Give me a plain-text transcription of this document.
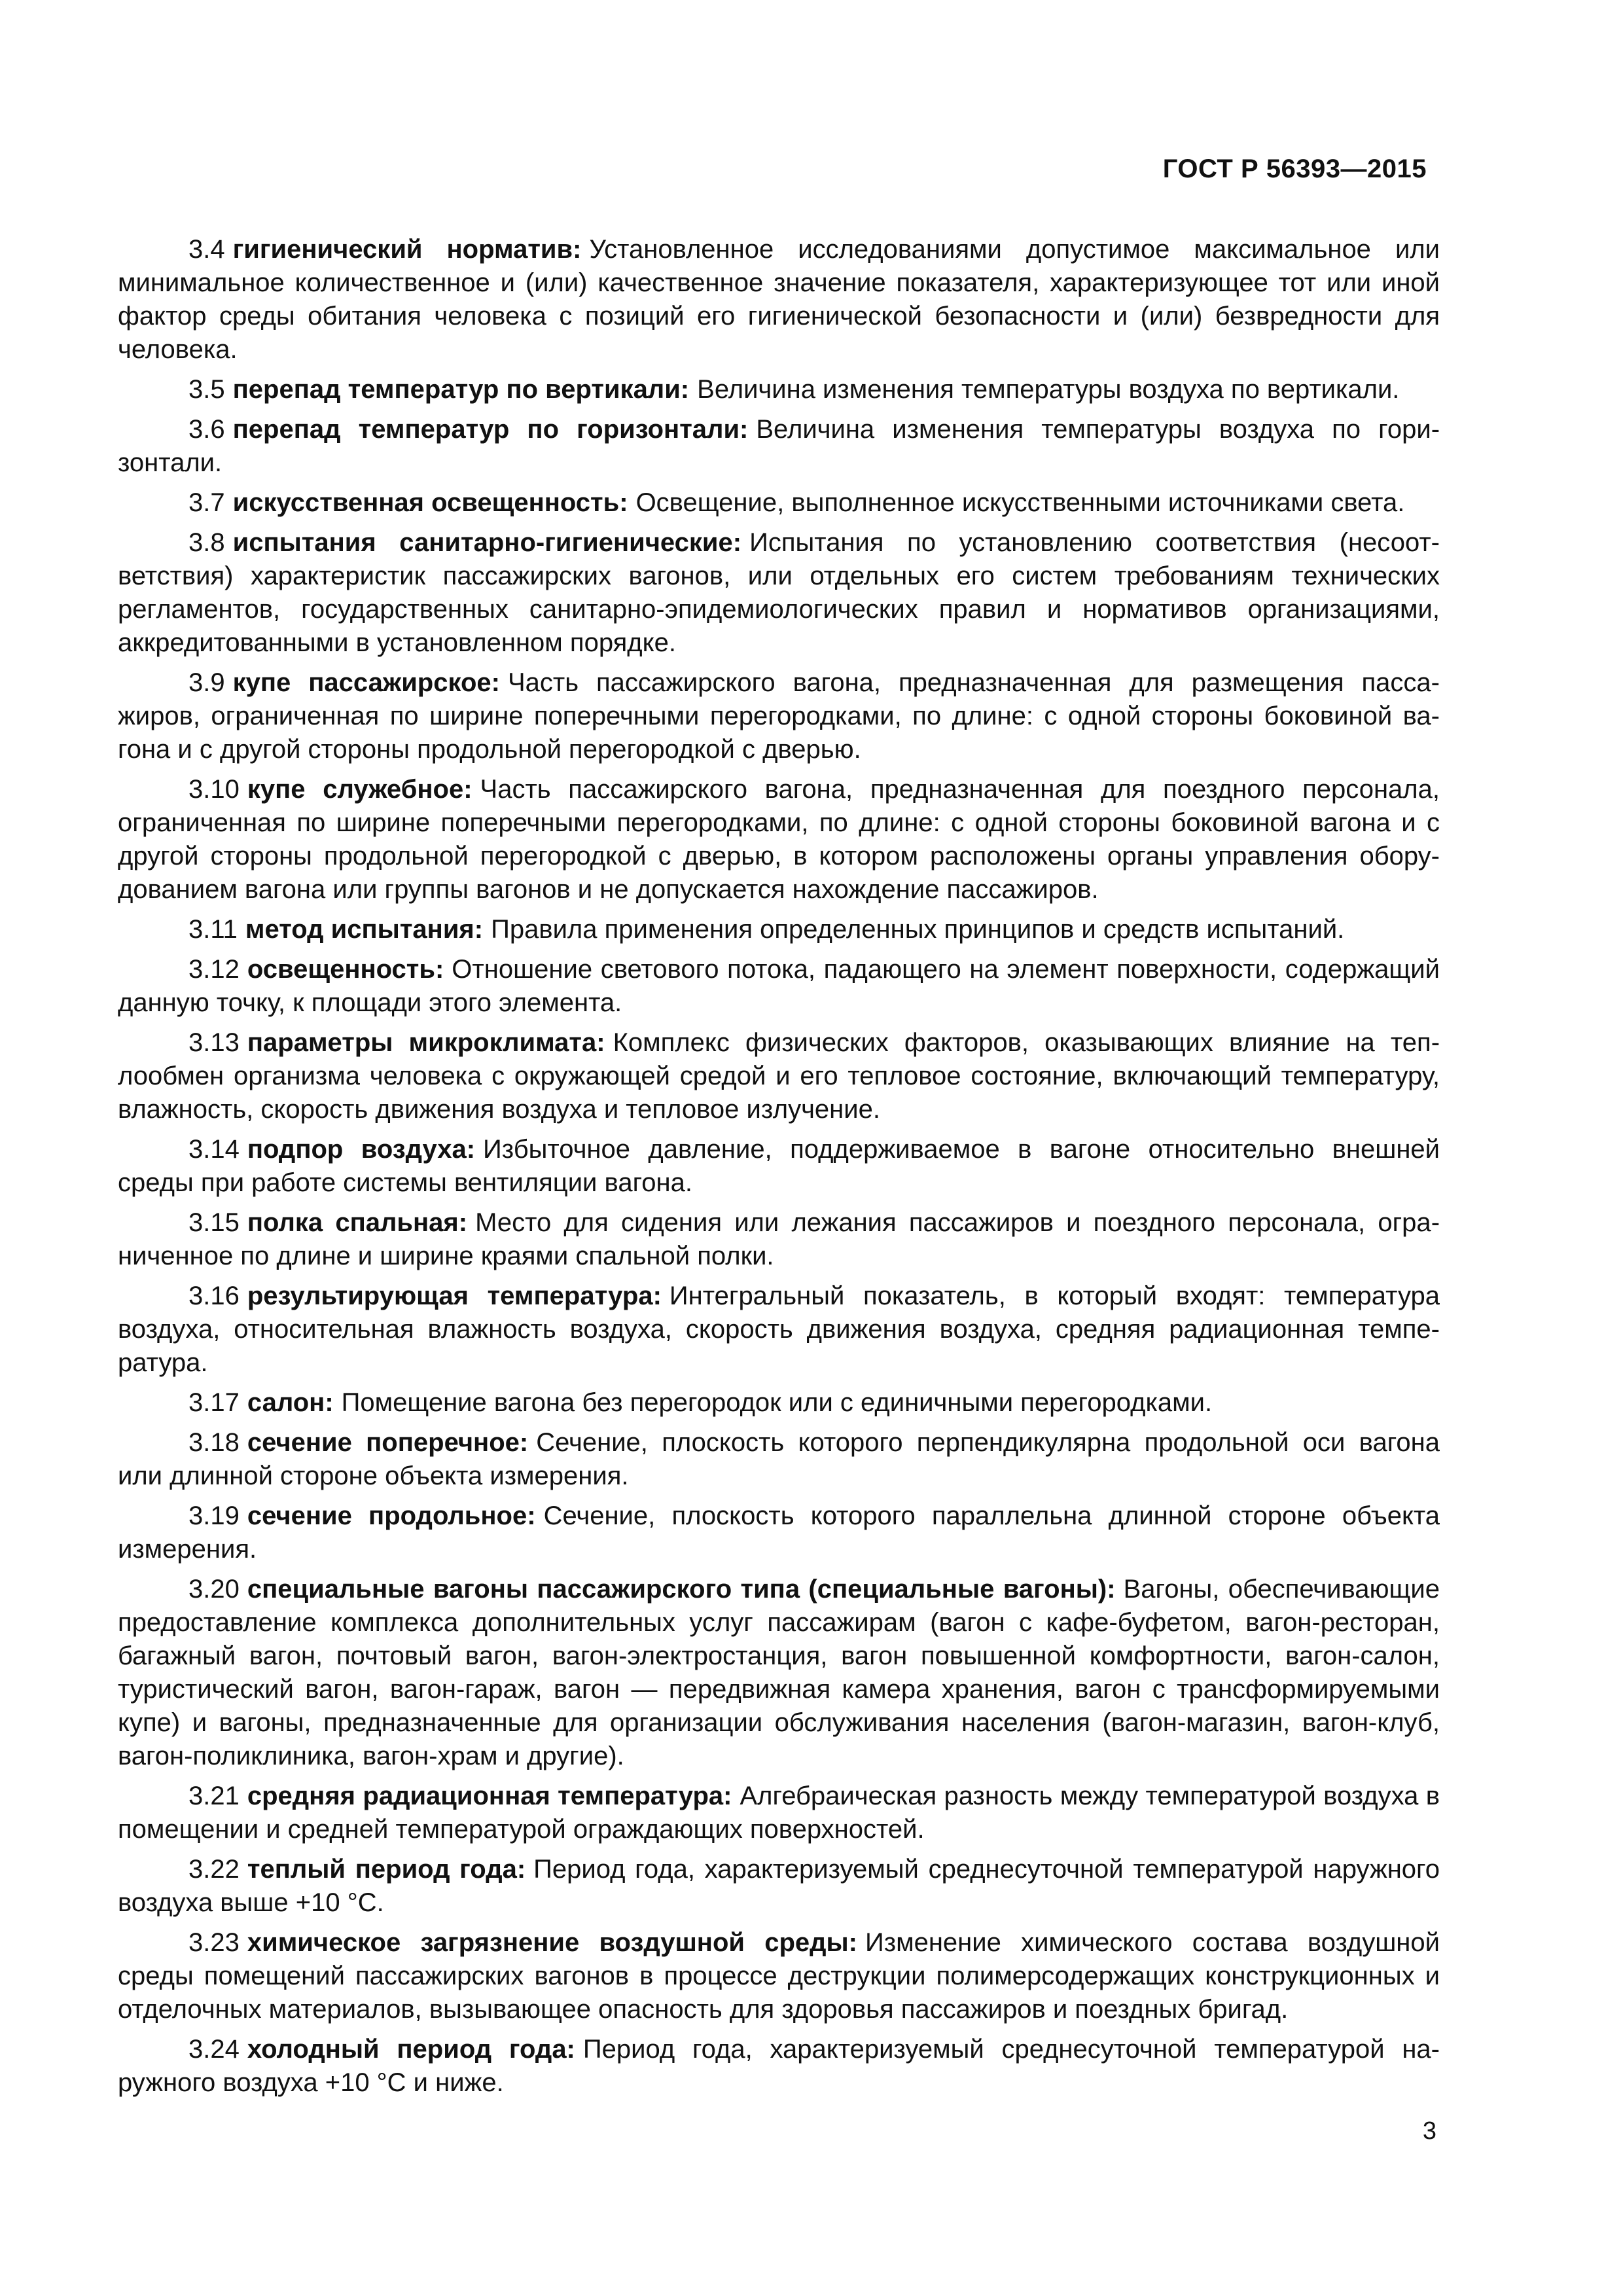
ГОСТ Р 56393—2015

3.4 гигиенический норматив: Установленное исследованиями допустимое максимальное или минимальное количественное и (или) качественное значение показателя, характеризующее тот или иной фактор среды обитания человека с позиций его гигиенической безопасности и (или) безвредности для человека.

3.5 перепад температур по вертикали: Величина изменения температуры воздуха по вертикали.

3.6 перепад температур по горизонтали: Величина изменения температуры воздуха по горизонтали.

3.7 искусственная освещенность: Освещение, выполненное искусственными источниками света.

3.8 испытания санитарно-гигиенические: Испытания по установлению соответствия (несоответствия) характеристик пассажирских вагонов, или отдельных его систем требованиям технических регламентов, государственных санитарно-эпидемиологических правил и нормативов организациями, аккредитованными в установленном порядке.

3.9 купе пассажирское: Часть пассажирского вагона, предназначенная для размещения пассажиров, ограниченная по ширине поперечными перегородками, по длине: с одной стороны боковиной вагона и с другой стороны продольной перегородкой с дверью.

3.10 купе служебное: Часть пассажирского вагона, предназначенная для поездного персонала, ограниченная по ширине поперечными перегородками, по длине: с одной стороны боковиной вагона и с другой стороны продольной перегородкой с дверью, в котором расположены органы управления оборудованием вагона или группы вагонов и не допускается нахождение пассажиров.

3.11 метод испытания: Правила применения определенных принципов и средств испытаний.

3.12 освещенность: Отношение светового потока, падающего на элемент поверхности, содержащий данную точку, к площади этого элемента.

3.13 параметры микроклимата: Комплекс физических факторов, оказывающих влияние на теплообмен организма человека с окружающей средой и его тепловое состояние, включающий температуру, влажность, скорость движения воздуха и тепловое излучение.

3.14 подпор воздуха: Избыточное давление, поддерживаемое в вагоне относительно внешней среды при работе системы вентиляции вагона.

3.15 полка спальная: Место для сидения или лежания пассажиров и поездного персонала, ограниченное по длине и ширине краями спальной полки.

3.16 результирующая температура: Интегральный показатель, в который входят: температура воздуха, относительная влажность воздуха, скорость движения воздуха, средняя радиационная температура.

3.17 салон: Помещение вагона без перегородок или с единичными перегородками.

3.18 сечение поперечное: Сечение, плоскость которого перпендикулярна продольной оси вагона или длинной стороне объекта измерения.

3.19 сечение продольное: Сечение, плоскость которого параллельна длинной стороне объекта измерения.

3.20 специальные вагоны пассажирского типа (специальные вагоны): Вагоны, обеспечивающие предоставление комплекса дополнительных услуг пассажирам (вагон с кафе-буфетом, вагон-ресторан, багажный вагон, почтовый вагон, вагон-электростанция, вагон повышенной комфортности, вагон-салон, туристический вагон, вагон-гараж, вагон — передвижная камера хранения, вагон с трансформируемыми купе) и вагоны, предназначенные для организации обслуживания населения (вагон-магазин, вагон-клуб, вагон-поликлиника, вагон-храм и другие).

3.21 средняя радиационная температура: Алгебраическая разность между температурой воздуха в помещении и средней температурой ограждающих поверхностей.

3.22 теплый период года: Период года, характеризуемый среднесуточной температурой наружного воздуха выше +10 °С.

3.23 химическое загрязнение воздушной среды: Изменение химического состава воздушной среды помещений пассажирских вагонов в процессе деструкции полимерсодержащих конструкционных и отделочных материалов, вызывающее опасность для здоровья пассажиров и поездных бригад.

3.24 холодный период года: Период года, характеризуемый среднесуточной температурой наружного воздуха +10 °С и ниже.

3
